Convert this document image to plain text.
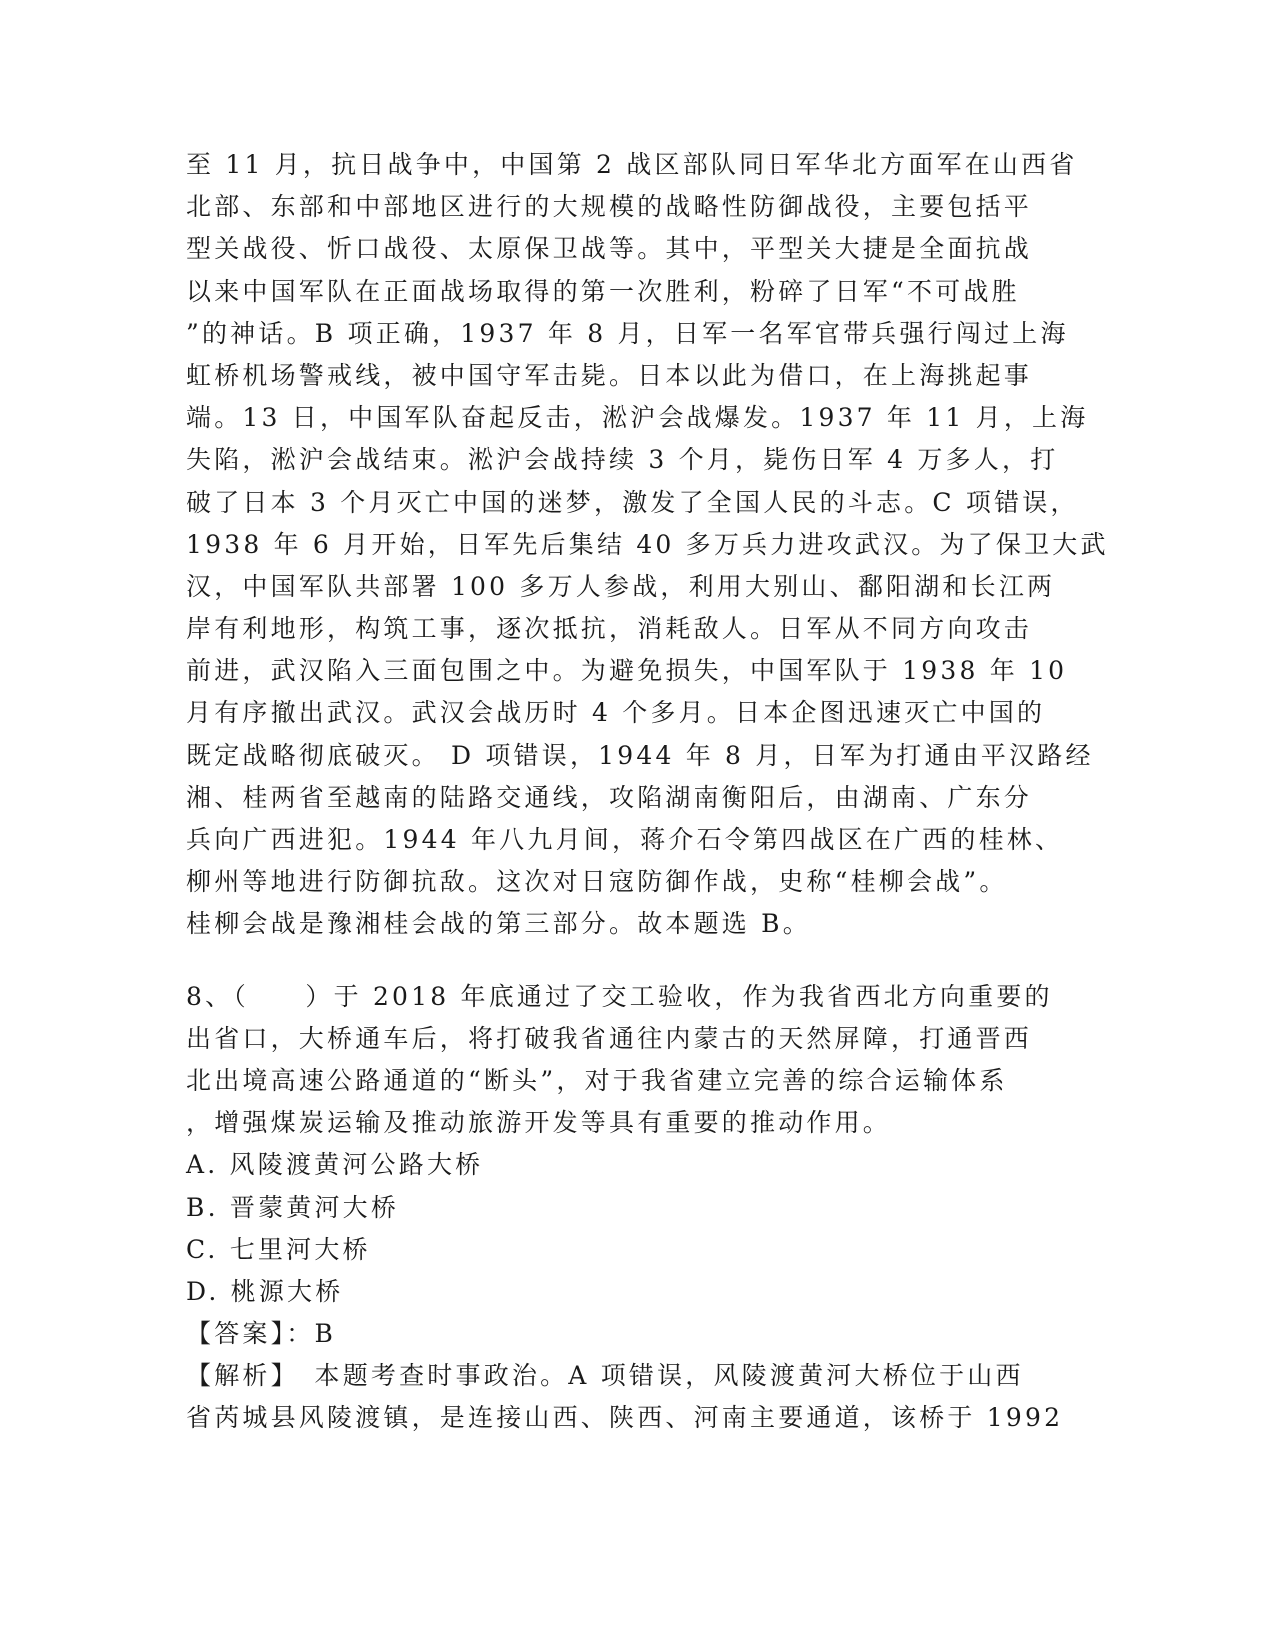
至 11 月，抗日战争中，中国第 2 战区部队同日军华北方面军在山西省
北部、东部和中部地区进行的大规模的战略性防御战役，主要包括平
型关战役、忻口战役、太原保卫战等。其中，平型关大捷是全面抗战
以来中国军队在正面战场取得的第一次胜利，粉碎了日军“不可战胜
”的神话。B 项正确，1937 年 8 月，日军一名军官带兵强行闯过上海
虹桥机场警戒线，被中国守军击毙。日本以此为借口，在上海挑起事
端。13 日，中国军队奋起反击，淞沪会战爆发。1937 年 11 月，上海
失陷，淞沪会战结束。淞沪会战持续 3 个月，毙伤日军 4 万多人，打
破了日本 3 个月灭亡中国的迷梦，激发了全国人民的斗志。C 项错误，
1938 年 6 月开始，日军先后集结 40 多万兵力进攻武汉。为了保卫大武
汉，中国军队共部署 100 多万人参战，利用大别山、鄱阳湖和长江两
岸有利地形，构筑工事，逐次抵抗，消耗敌人。日军从不同方向攻击
前进，武汉陷入三面包围之中。为避免损失，中国军队于 1938 年 10
月有序撤出武汉。武汉会战历时 4 个多月。日本企图迅速灭亡中国的
既定战略彻底破灭。 D 项错误，1944 年 8 月，日军为打通由平汉路经
湘、桂两省至越南的陆路交通线，攻陷湖南衡阳后，由湖南、广东分
兵向广西进犯。1944 年八九月间，蒋介石令第四战区在广西的桂林、
柳州等地进行防御抗敌。这次对日寇防御作战，史称“桂柳会战”。
桂柳会战是豫湘桂会战的第三部分。故本题选 B。
8、（　　）于 2018 年底通过了交工验收，作为我省西北方向重要的
出省口，大桥通车后，将打破我省通往内蒙古的天然屏障，打通晋西
北出境高速公路通道的“断头”，对于我省建立完善的综合运输体系
，增强煤炭运输及推动旅游开发等具有重要的推动作用。
A. 风陵渡黄河公路大桥
B. 晋蒙黄河大桥
C. 七里河大桥
D. 桃源大桥
【答案】：B
【解析】　本题考查时事政治。A 项错误，风陵渡黄河大桥位于山西
省芮城县风陵渡镇，是连接山西、陕西、河南主要通道，该桥于 1992
